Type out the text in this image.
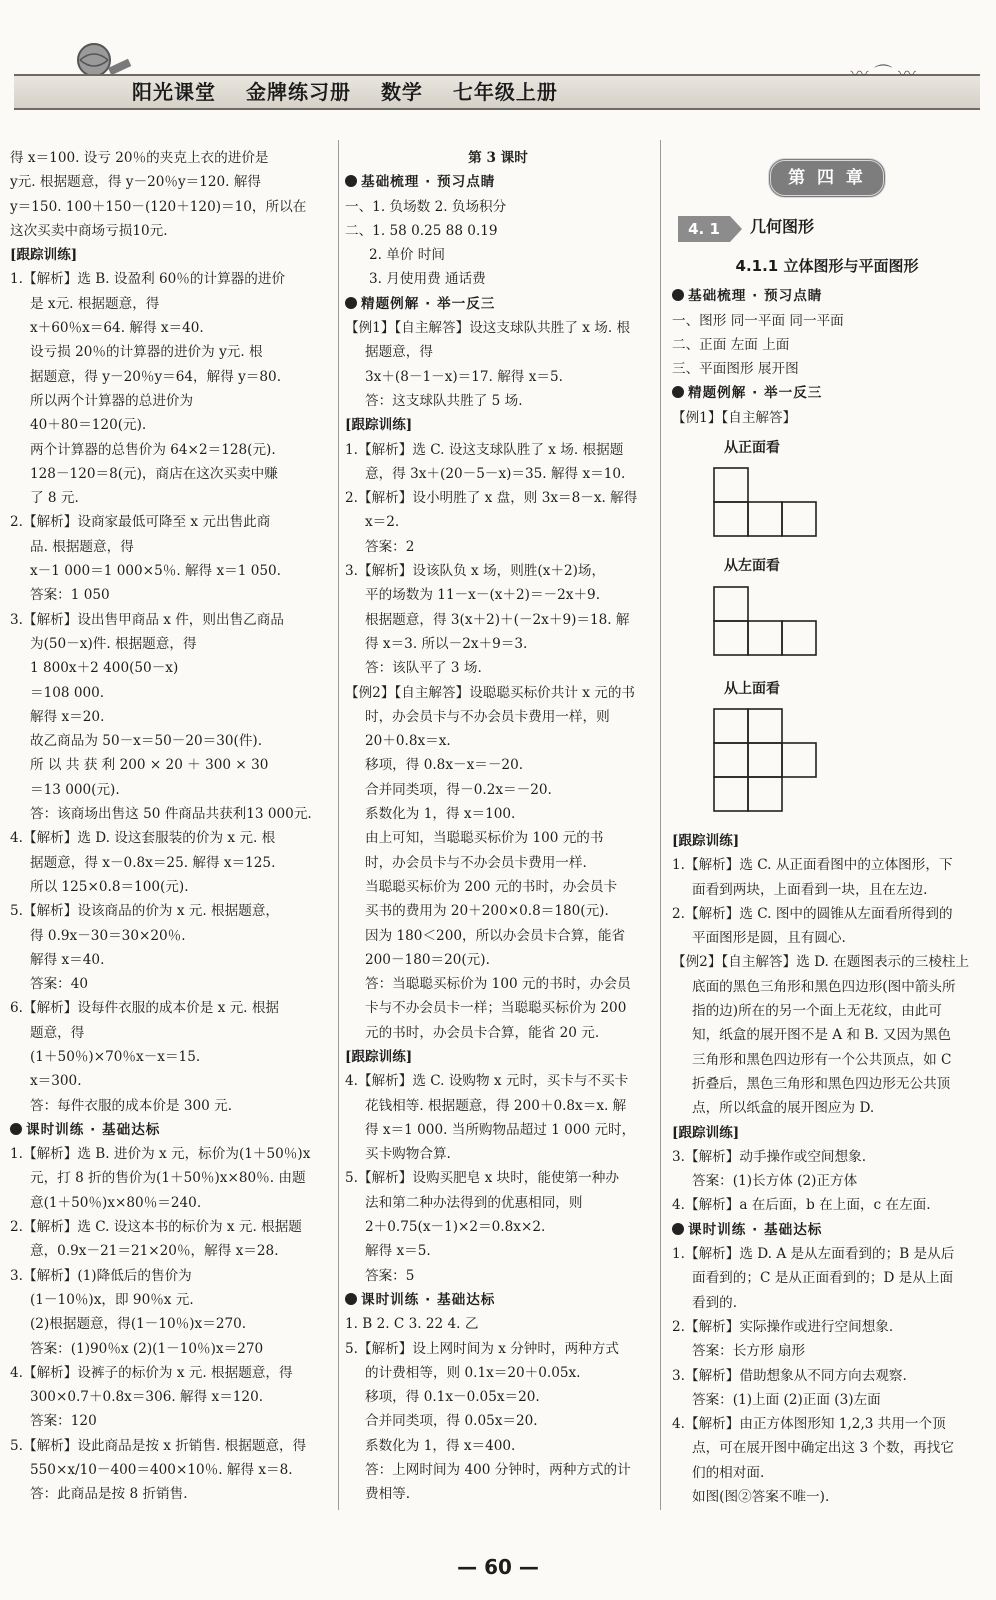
阳光课堂 金牌练习册 数学 七年级上册
〰 ⌒ 〰
得 x＝100. 设亏 20％的夹克上衣的进价是
y元. 根据题意，得 y－20％y＝120. 解得
y＝150. 100＋150－(120＋120)＝10，所以在
这次买卖中商场亏损10元.
[跟踪训练]
1.【解析】选 B. 设盈利 60％的计算器的进价
是 x元. 根据题意，得
x＋60％x＝64. 解得 x＝40.
设亏损 20％的计算器的进价为 y元. 根
据题意，得 y－20％y＝64，解得 y＝80.
所以两个计算器的总进价为
40＋80＝120(元).
两个计算器的总售价为 64×2＝128(元).
128－120＝8(元)，商店在这次买卖中赚
了 8 元.
2.【解析】设商家最低可降至 x 元出售此商
品. 根据题意，得
x－1 000＝1 000×5％. 解得 x＝1 050.
答案：1 050
3.【解析】设出售甲商品 x 件，则出售乙商品
为(50－x)件. 根据题意，得
1 800x＋2 400(50－x)
＝108 000.
解得 x＝20.
故乙商品为 50－x＝50－20＝30(件).
所 以 共 获 利 200 × 20 ＋ 300 × 30
＝13 000(元).
答：该商场出售这 50 件商品共获利13 000元.
4.【解析】选 D. 设这套服装的价为 x 元. 根
据题意，得 x－0.8x＝25. 解得 x＝125.
所以 125×0.8＝100(元).
5.【解析】设该商品的价为 x 元. 根据题意，
得 0.9x－30＝30×20％.
解得 x＝40.
答案：40
6.【解析】设每件衣服的成本价是 x 元. 根据
题意，得
(1＋50％)×70％x－x＝15.
x＝300.
答：每件衣服的成本价是 300 元.
课时训练 · 基础达标
1.【解析】选 B. 进价为 x 元，标价为(1＋50％)x
元，打 8 折的售价为(1＋50％)x×80％. 由题
意(1＋50％)x×80％＝240.
2.【解析】选 C. 设这本书的标价为 x 元. 根据题
意，0.9x－21＝21×20％，解得 x＝28.
3.【解析】(1)降低后的售价为
(1－10％)x，即 90％x 元.
(2)根据题意，得(1－10％)x＝270.
答案：(1)90％x (2)(1－10％)x＝270
4.【解析】设裤子的标价为 x 元. 根据题意，得
300×0.7＋0.8x＝306. 解得 x＝120.
答案：120
5.【解析】设此商品是按 x 折销售. 根据题意，得
550×x/10－400＝400×10％. 解得 x＝8.
答：此商品是按 8 折销售.
第 3 课时
基础梳理 · 预习点睛
一、1. 负场数 2. 负场积分
二、1. 58 0.25 88 0.19
2. 单价 时间
3. 月使用费 通话费
精题例解 · 举一反三
【例1】【自主解答】设这支球队共胜了 x 场. 根
据题意，得
3x＋(8－1－x)＝17. 解得 x＝5.
答：这支球队共胜了 5 场.
[跟踪训练]
1.【解析】选 C. 设这支球队胜了 x 场. 根据题
意，得 3x＋(20－5－x)＝35. 解得 x＝10.
2.【解析】设小明胜了 x 盘，则 3x＝8－x. 解得
x＝2.
答案：2
3.【解析】设该队负 x 场，则胜(x＋2)场，
平的场数为 11－x－(x＋2)＝－2x＋9.
根据题意，得 3(x＋2)＋(－2x＋9)＝18. 解
得 x＝3. 所以－2x＋9＝3.
答：该队平了 3 场.
【例2】【自主解答】设聪聪买标价共计 x 元的书
时，办会员卡与不办会员卡费用一样，则
20＋0.8x＝x.
移项，得 0.8x－x＝－20.
合并同类项，得－0.2x＝－20.
系数化为 1，得 x＝100.
由上可知，当聪聪买标价为 100 元的书
时，办会员卡与不办会员卡费用一样.
当聪聪买标价为 200 元的书时，办会员卡
买书的费用为 20＋200×0.8＝180(元).
因为 180＜200，所以办会员卡合算，能省
200－180＝20(元).
答：当聪聪买标价为 100 元的书时，办会员
卡与不办会员卡一样；当聪聪买标价为 200
元的书时，办会员卡合算，能省 20 元.
[跟踪训练]
4.【解析】选 C. 设购物 x 元时，买卡与不买卡
花钱相等. 根据题意，得 200＋0.8x＝x. 解
得 x＝1 000. 当所购物品超过 1 000 元时，
买卡购物合算.
5.【解析】设购买肥皂 x 块时，能使第一种办
法和第二种办法得到的优惠相同，则
2＋0.75(x－1)×2＝0.8x×2.
解得 x＝5.
答案：5
课时训练 · 基础达标
1. B 2. C 3. 22 4. 乙
5.【解析】设上网时间为 x 分钟时，两种方式
的计费相等，则 0.1x＝20＋0.05x.
移项，得 0.1x－0.05x＝20.
合并同类项，得 0.05x＝20.
系数化为 1，得 x＝400.
答：上网时间为 400 分钟时，两种方式的计
费相等.
第 四 章
4. 1	几何图形
4.1.1 立体图形与平面图形
基础梳理 · 预习点睛
一、图形 同一平面 同一平面
二、正面 左面 上面
三、平面图形 展开图
精题例解 · 举一反三
【例1】【自主解答】
从正面看
从左面看
从上面看
[跟踪训练]
1.【解析】选 C. 从正面看图中的立体图形，下
面看到两块，上面看到一块，且在左边.
2.【解析】选 C. 图中的圆锥从左面看所得到的
平面图形是圆，且有圆心.
【例2】【自主解答】选 D. 在题图表示的三棱柱上
底面的黑色三角形和黑色四边形(图中箭头所
指的边)所在的另一个面上无花纹，由此可
知，纸盒的展开图不是 A 和 B. 又因为黑色
三角形和黑色四边形有一个公共顶点，如 C
折叠后，黑色三角形和黑色四边形无公共顶
点，所以纸盒的展开图应为 D.
[跟踪训练]
3.【解析】动手操作或空间想象.
答案：(1)长方体 (2)正方体
4.【解析】a 在后面，b 在上面，c 在左面.
课时训练 · 基础达标
1.【解析】选 D. A 是从左面看到的；B 是从后
面看到的；C 是从正面看到的；D 是从上面
看到的.
2.【解析】实际操作或进行空间想象.
答案：长方形 扇形
3.【解析】借助想象从不同方向去观察.
答案：(1)上面 (2)正面 (3)左面
4.【解析】由正方体图形知 1,2,3 共用一个顶
点，可在展开图中确定出这 3 个数，再找它
们的相对面.
如图(图②答案不唯一).
— 60 —
